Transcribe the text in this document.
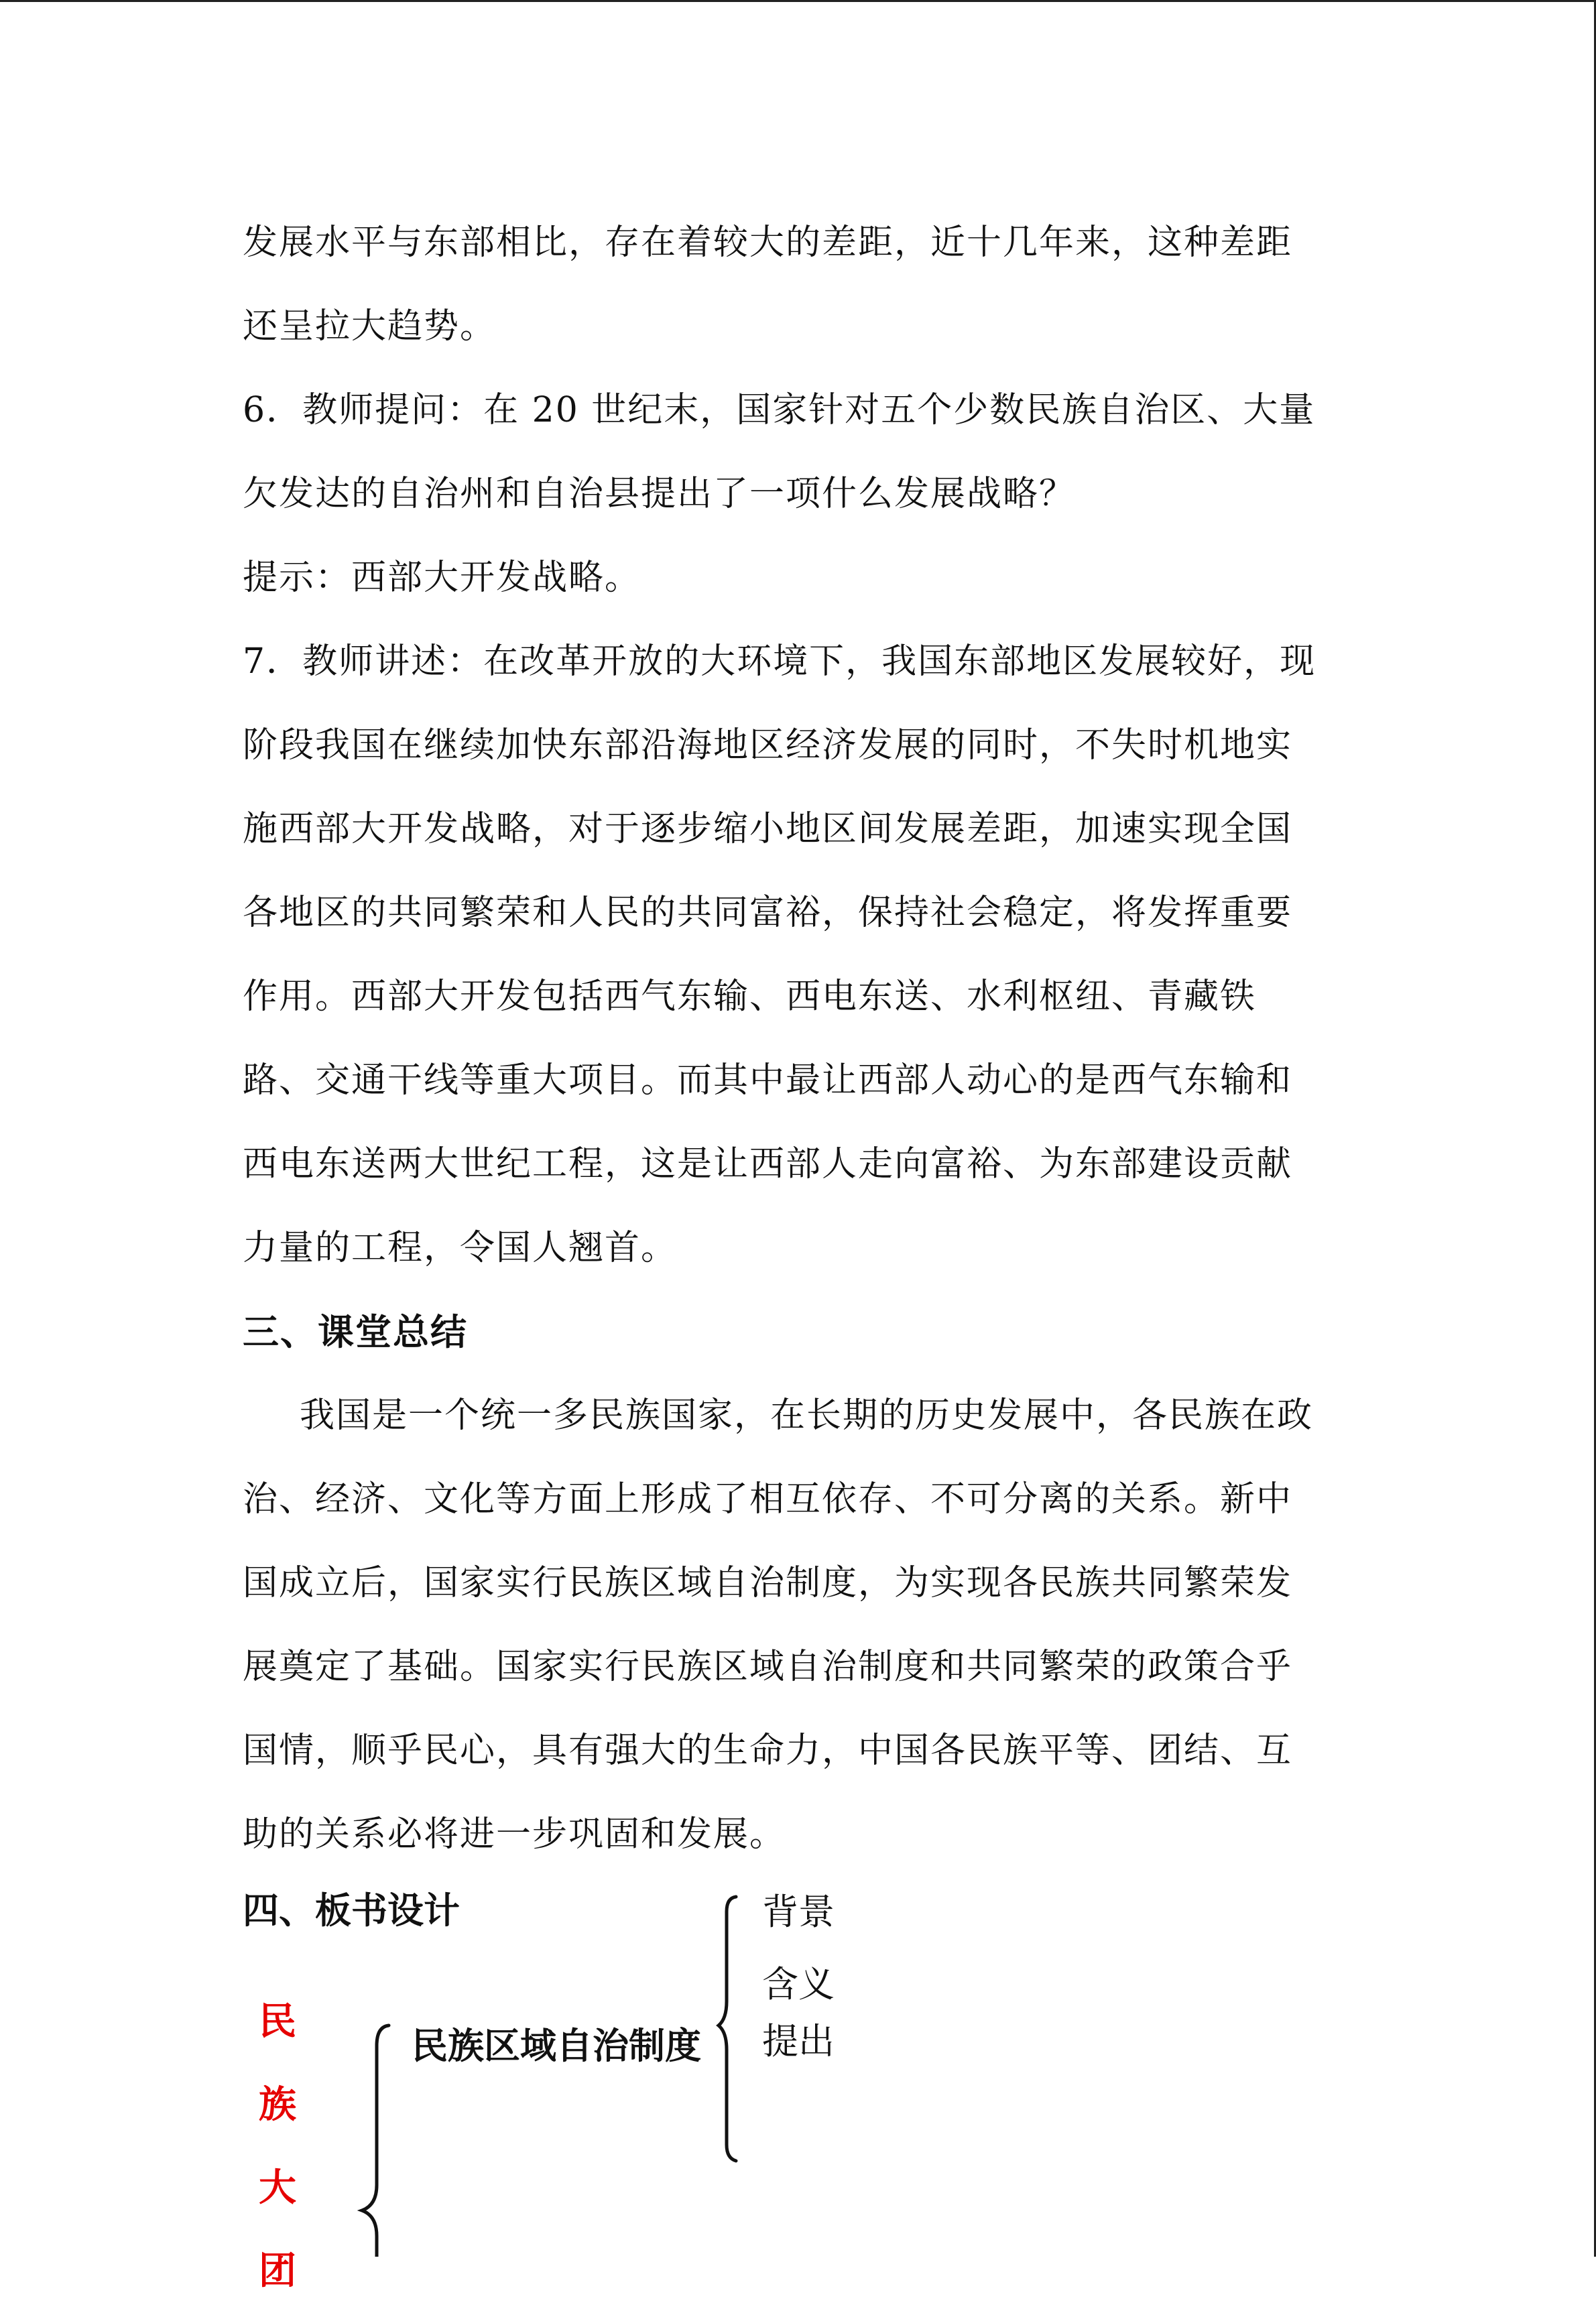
发展水平与东部相比，存在着较大的差距，近十几年来，这种差距
还呈拉大趋势。
6．教师提问：在 20 世纪末，国家针对五个少数民族自治区、大量
欠发达的自治州和自治县提出了一项什么发展战略？
提示：西部大开发战略。
7．教师讲述：在改革开放的大环境下，我国东部地区发展较好，现
阶段我国在继续加快东部沿海地区经济发展的同时，不失时机地实
施西部大开发战略，对于逐步缩小地区间发展差距，加速实现全国
各地区的共同繁荣和人民的共同富裕，保持社会稳定，将发挥重要
作用。西部大开发包括西气东输、西电东送、水利枢纽、青藏铁
路、交通干线等重大项目。而其中最让西部人动心的是西气东输和
西电东送两大世纪工程，这是让西部人走向富裕、为东部建设贡献
力量的工程，令国人翘首。
三、课堂总结
我国是一个统一多民族国家，在长期的历史发展中，各民族在政
治、经济、文化等方面上形成了相互依存、不可分离的关系。新中
国成立后，国家实行民族区域自治制度，为实现各民族共同繁荣发
展奠定了基础。国家实行民族区域自治制度和共同繁荣的政策合乎
国情，顺乎民心，具有强大的生命力，中国各民族平等、团结、互
助的关系必将进一步巩固和发展。
四、板书设计
民
族
大
团
民族区域自治制度
背景
含义
提出
